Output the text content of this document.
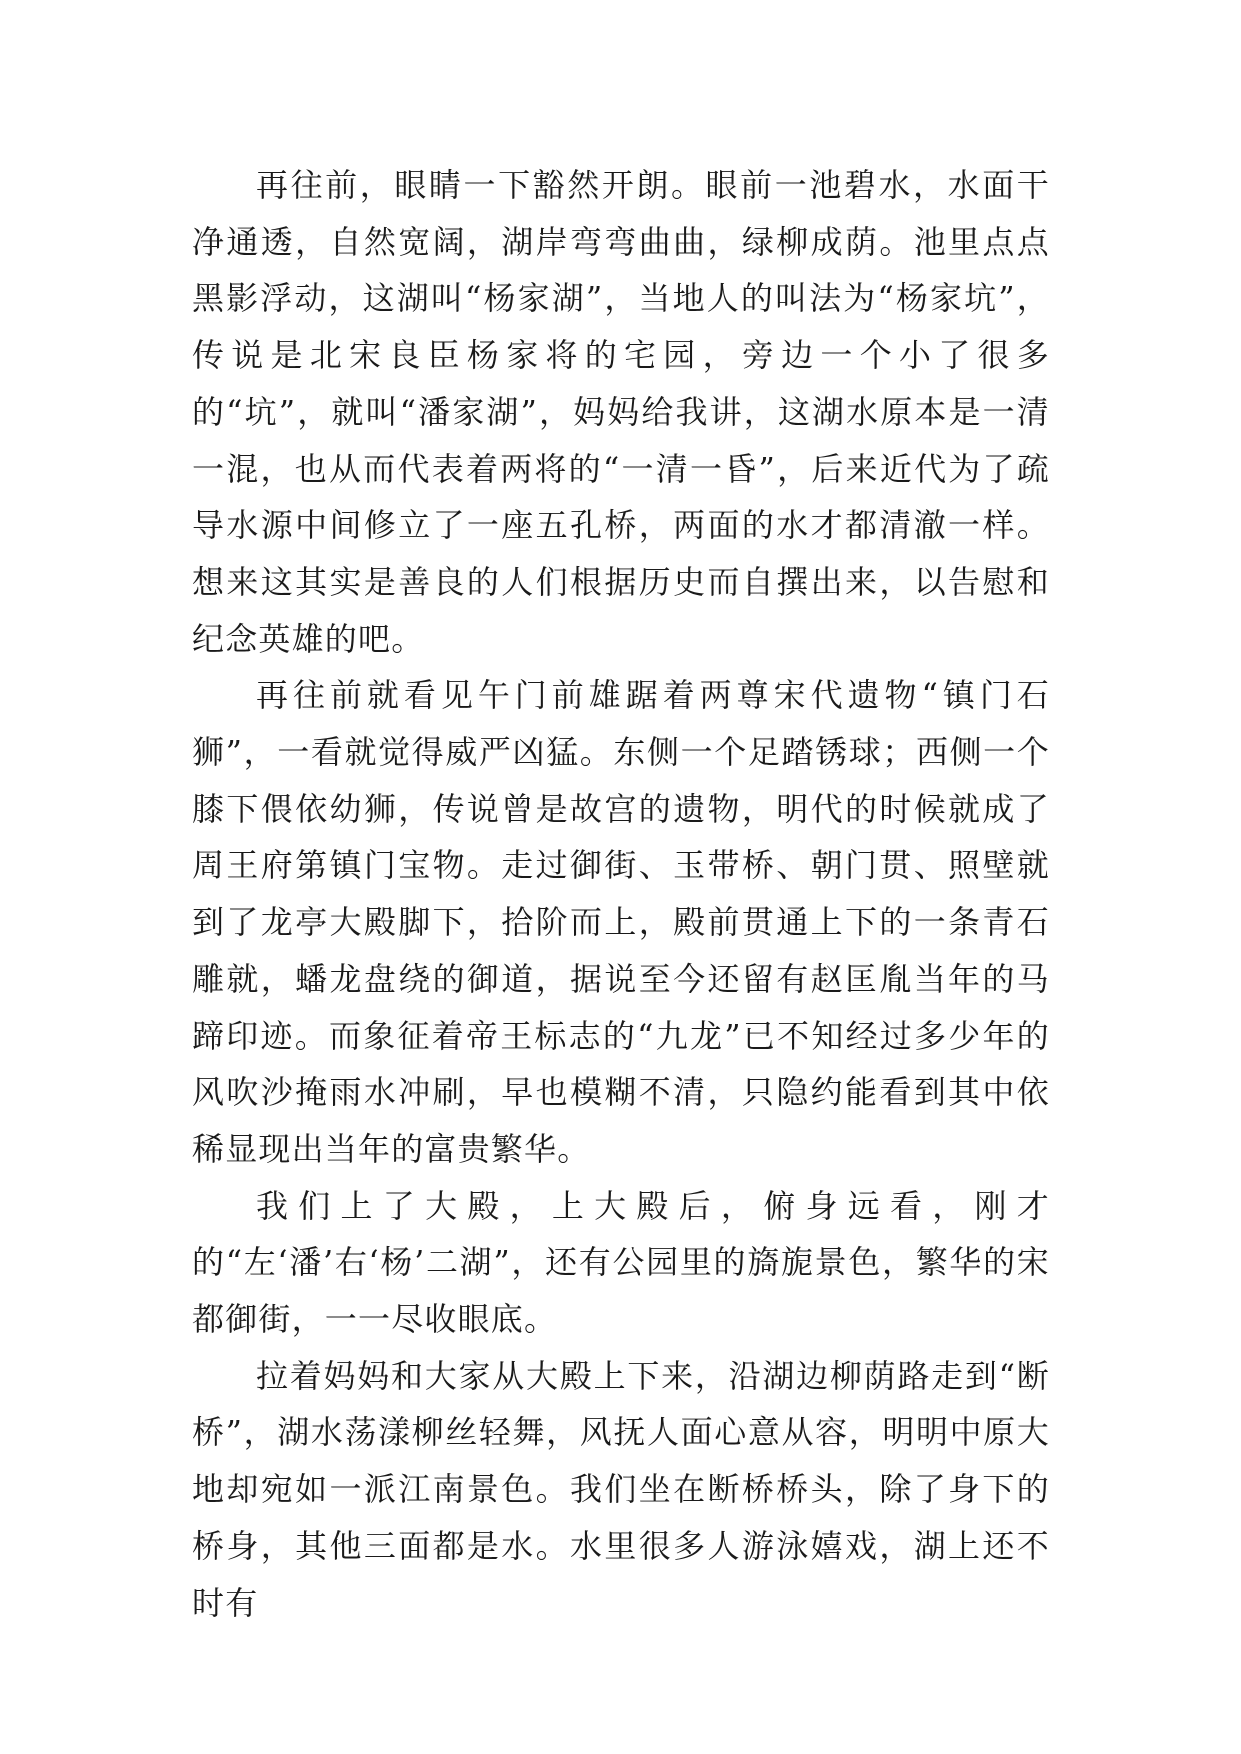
再往前，眼睛一下豁然开朗。眼前一池碧水，水面干净通透，自然宽阔，湖岸弯弯曲曲，绿柳成荫。池里点点黑影浮动，这湖叫“杨家湖”，当地人的叫法为“杨家坑”，传说是北宋良臣杨家将的宅园，旁边一个小了很多的“坑”，就叫“潘家湖”，妈妈给我讲，这湖水原本是一清一混，也从而代表着两将的“一清一昏”，后来近代为了疏导水源中间修立了一座五孔桥，两面的水才都清澈一样。想来这其实是善良的人们根据历史而自撰出来，以告慰和纪念英雄的吧。

再往前就看见午门前雄踞着两尊宋代遗物“镇门石狮”，一看就觉得威严凶猛。东侧一个足踏锈球；西侧一个膝下偎依幼狮，传说曾是故宫的遗物，明代的时候就成了周王府第镇门宝物。走过御街、玉带桥、朝门贯、照壁就到了龙亭大殿脚下，拾阶而上，殿前贯通上下的一条青石雕就，蟠龙盘绕的御道，据说至今还留有赵匡胤当年的马蹄印迹。而象征着帝王标志的“九龙”已不知经过多少年的风吹沙掩雨水冲刷，早也模糊不清，只隐约能看到其中依稀显现出当年的富贵繁华。

我们上了大殿，上大殿后，俯身远看，刚才的“左‘潘’右‘杨’二湖”，还有公园里的旖旎景色，繁华的宋都御街，一一尽收眼底。

拉着妈妈和大家从大殿上下来，沿湖边柳荫路走到“断桥”，湖水荡漾柳丝轻舞，风抚人面心意从容，明明中原大地却宛如一派江南景色。我们坐在断桥桥头，除了身下的桥身，其他三面都是水。水里很多人游泳嬉戏，湖上还不时有
